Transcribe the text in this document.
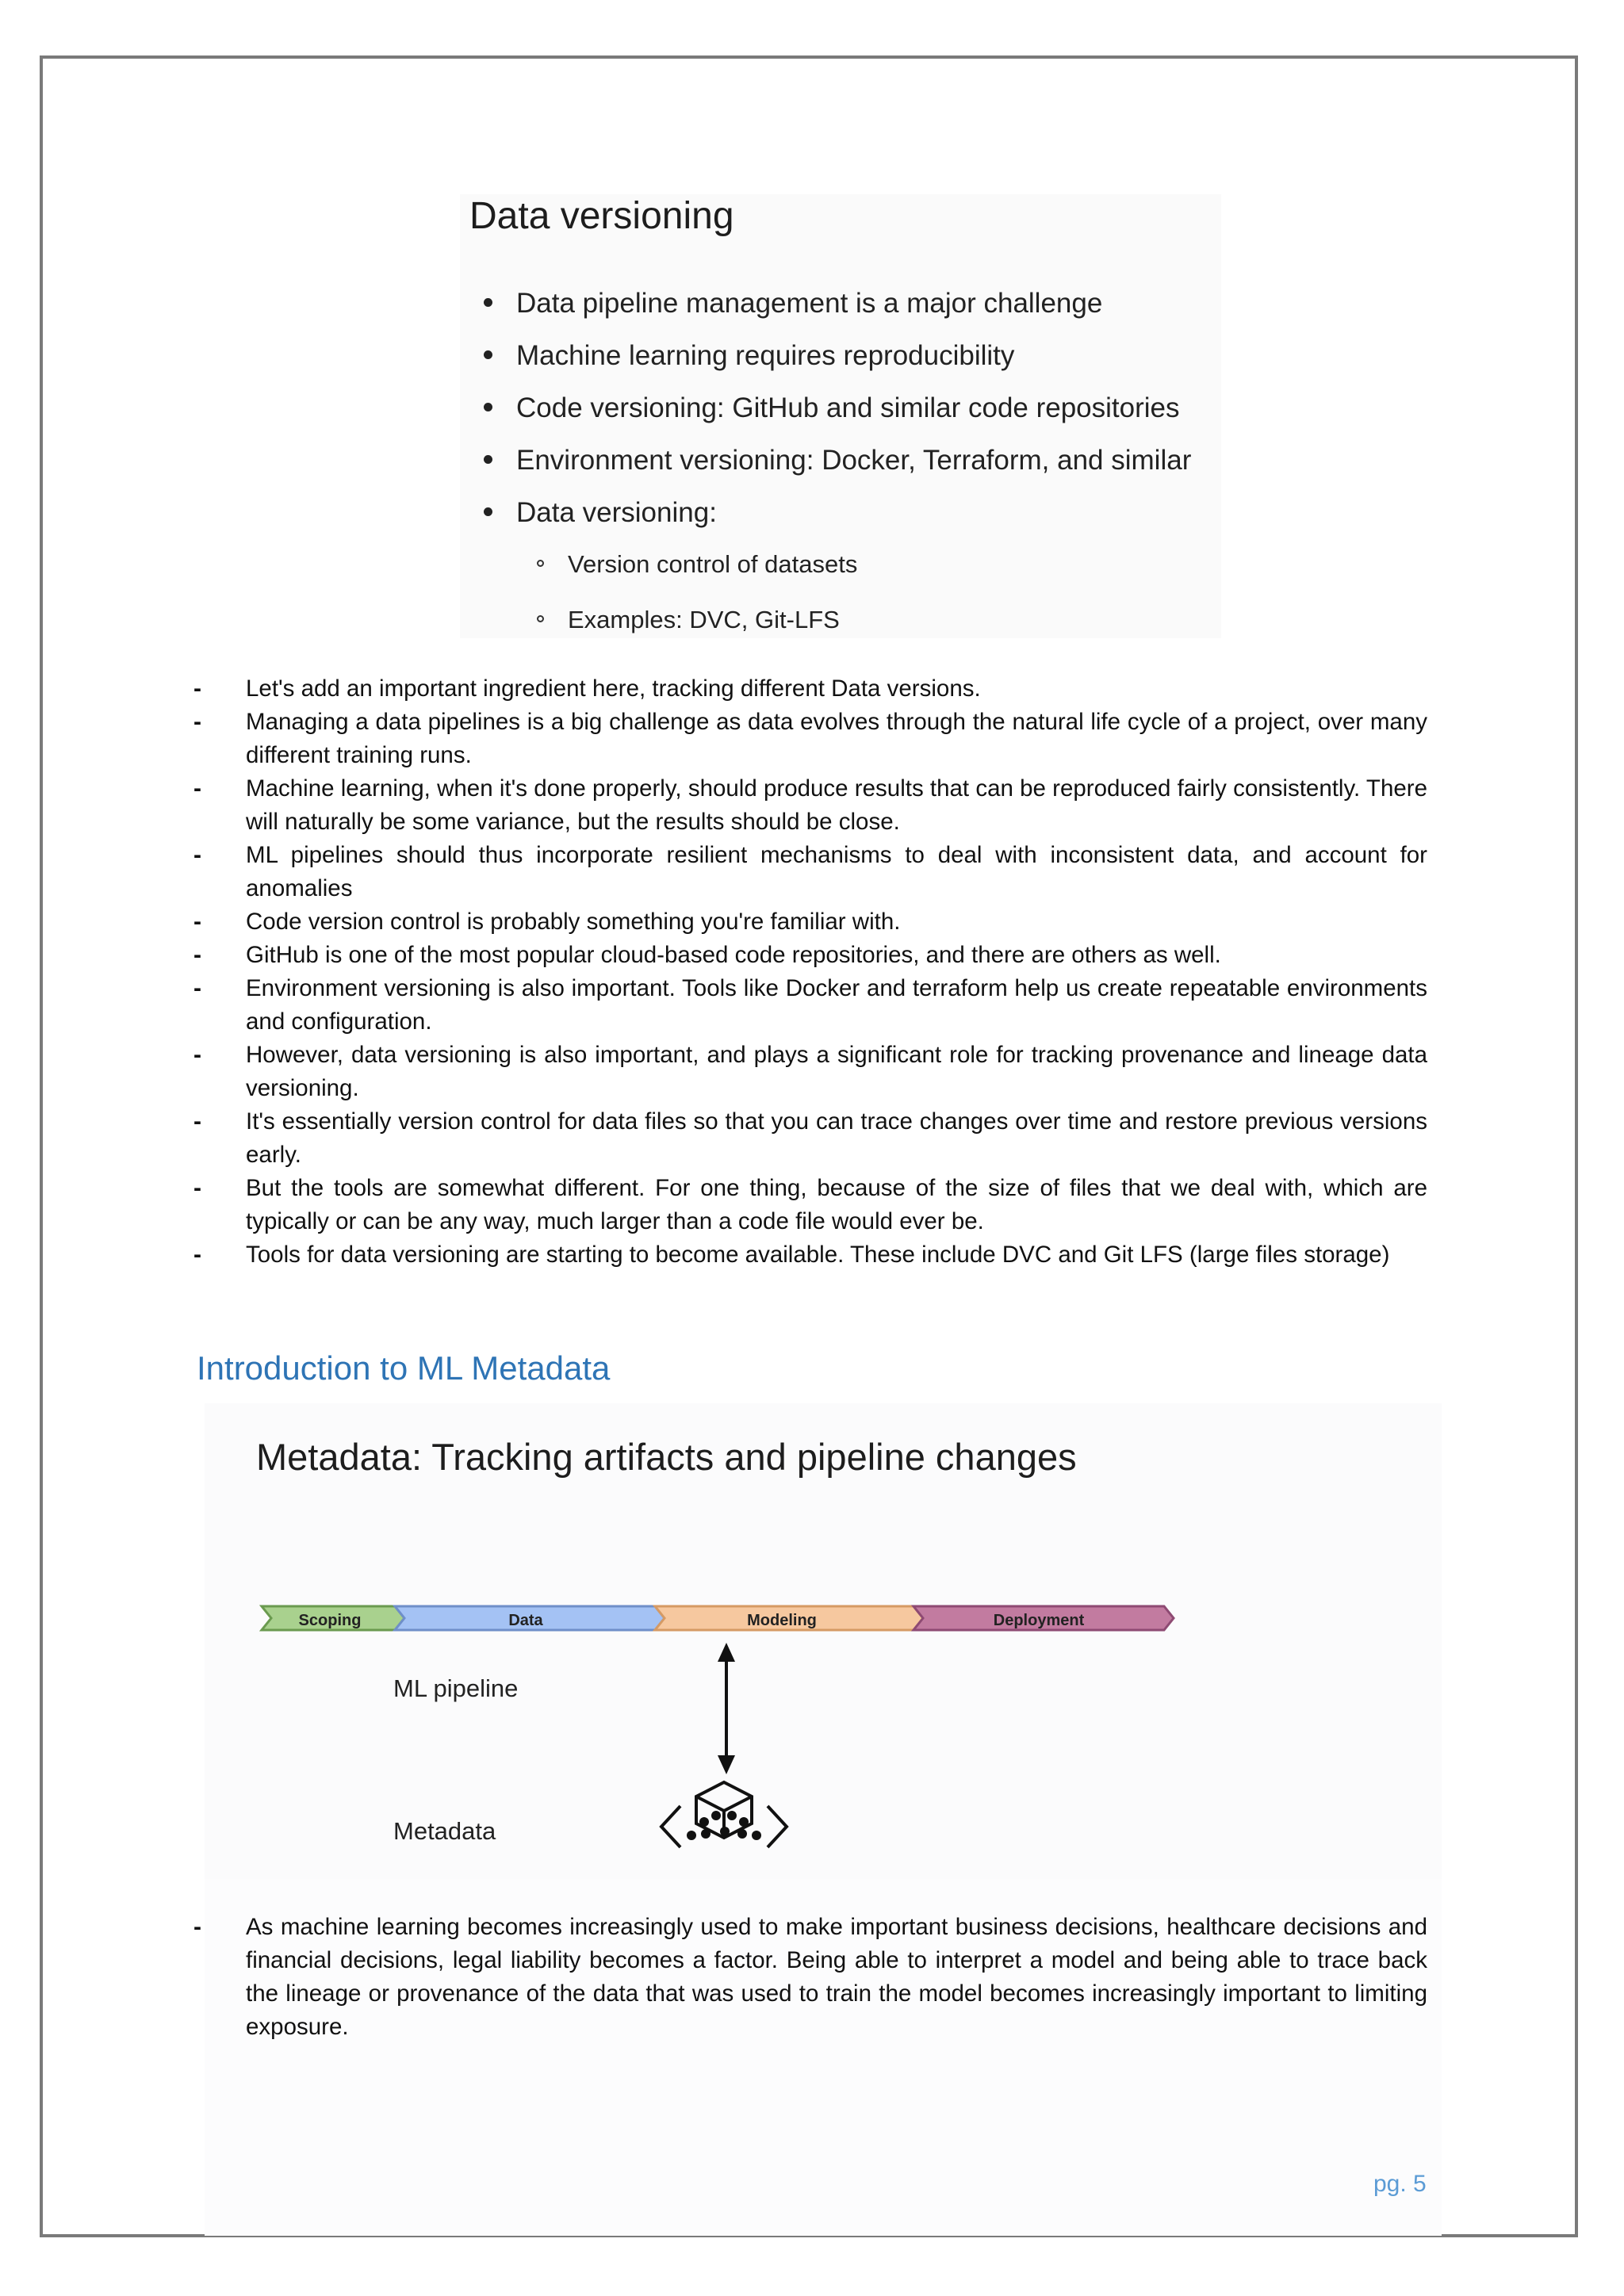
Data versioning
Data pipeline management is a major challenge
Machine learning requires reproducibility
Code versioning: GitHub and similar code repositories
Environment versioning: Docker, Terraform, and similar
Data versioning:
Version control of datasets
Examples: DVC, Git-LFS
- Let's add an important ingredient here, tracking different Data versions.
- Managing a data pipelines is a big challenge as data evolves through the natural life cycle of a project, over many different training runs.
- Machine learning, when it's done properly, should produce results that can be reproduced fairly consistently. There will naturally be some variance, but the results should be close.
- ML pipelines should thus incorporate resilient mechanisms to deal with inconsistent data, and account for anomalies
- Code version control is probably something you're familiar with.
- GitHub is one of the most popular cloud-based code repositories, and there are others as well.
- Environment versioning is also important. Tools like Docker and terraform help us create repeatable environments and configuration.
- However, data versioning is also important, and plays a significant role for tracking provenance and lineage data versioning.
- It's essentially version control for data files so that you can trace changes over time and restore previous versions early.
- But the tools are somewhat different. For one thing, because of the size of files that we deal with, which are typically or can be any way, much larger than a code file would ever be.
- Tools for data versioning are starting to become available. These include DVC and Git LFS (large files storage)
Introduction to ML Metadata
Metadata: Tracking artifacts and pipeline changes
Scoping	Data	Modeling	Deployment
ML pipeline
Metadata
- As machine learning becomes increasingly used to make important business decisions, healthcare decisions and financial decisions, legal liability becomes a factor. Being able to interpret a model and being able to trace back the lineage or provenance of the data that was used to train the model becomes increasingly important to limiting exposure.
pg. 5
